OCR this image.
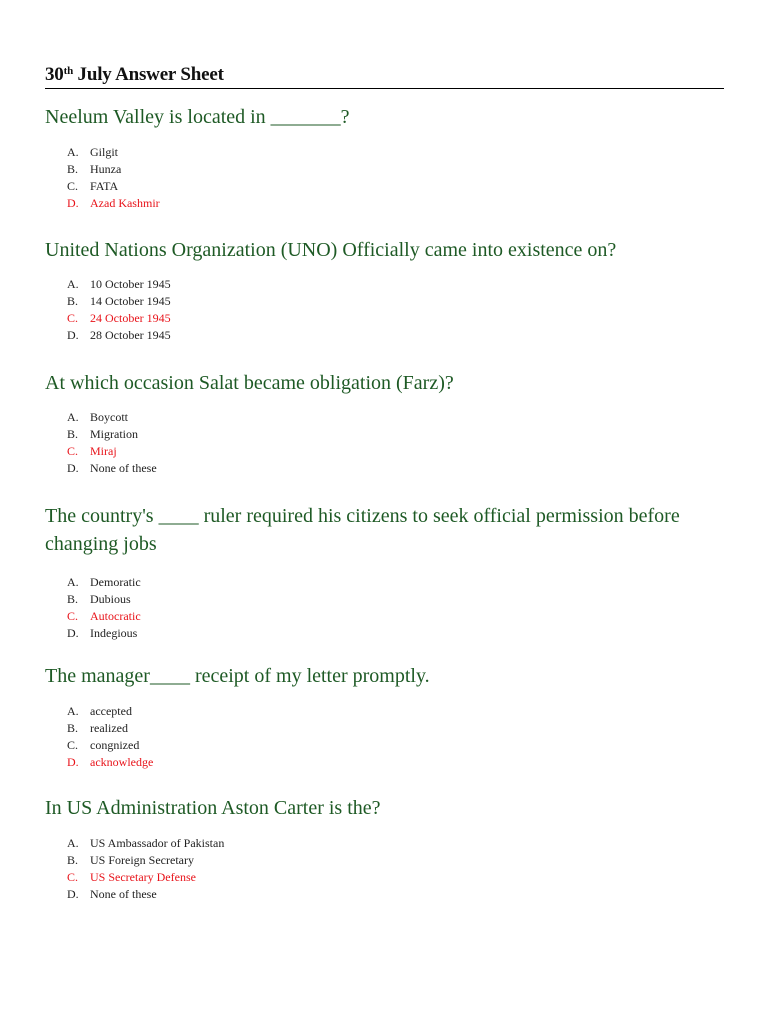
30th July Answer Sheet

Neelum Valley is located in _______?

A. Gilgit
B. Hunza
C. FATA
D. Azad Kashmir

United Nations Organization (UNO) Officially came into existence on?

A. 10 October 1945
B. 14 October 1945
C. 24 October 1945
D. 28 October 1945

At which occasion Salat became obligation (Farz)?

A. Boycott
B. Migration
C. Miraj
D. None of these

The country's ____ ruler required his citizens to seek official permission before changing jobs

A. Demoratic
B. Dubious
C. Autocratic
D. Indegious

The manager____ receipt of my letter promptly.

A. accepted
B. realized
C. congnized
D. acknowledge

In US Administration Aston Carter is the?

A. US Ambassador of Pakistan
B. US Foreign Secretary
C. US Secretary Defense
D. None of these
